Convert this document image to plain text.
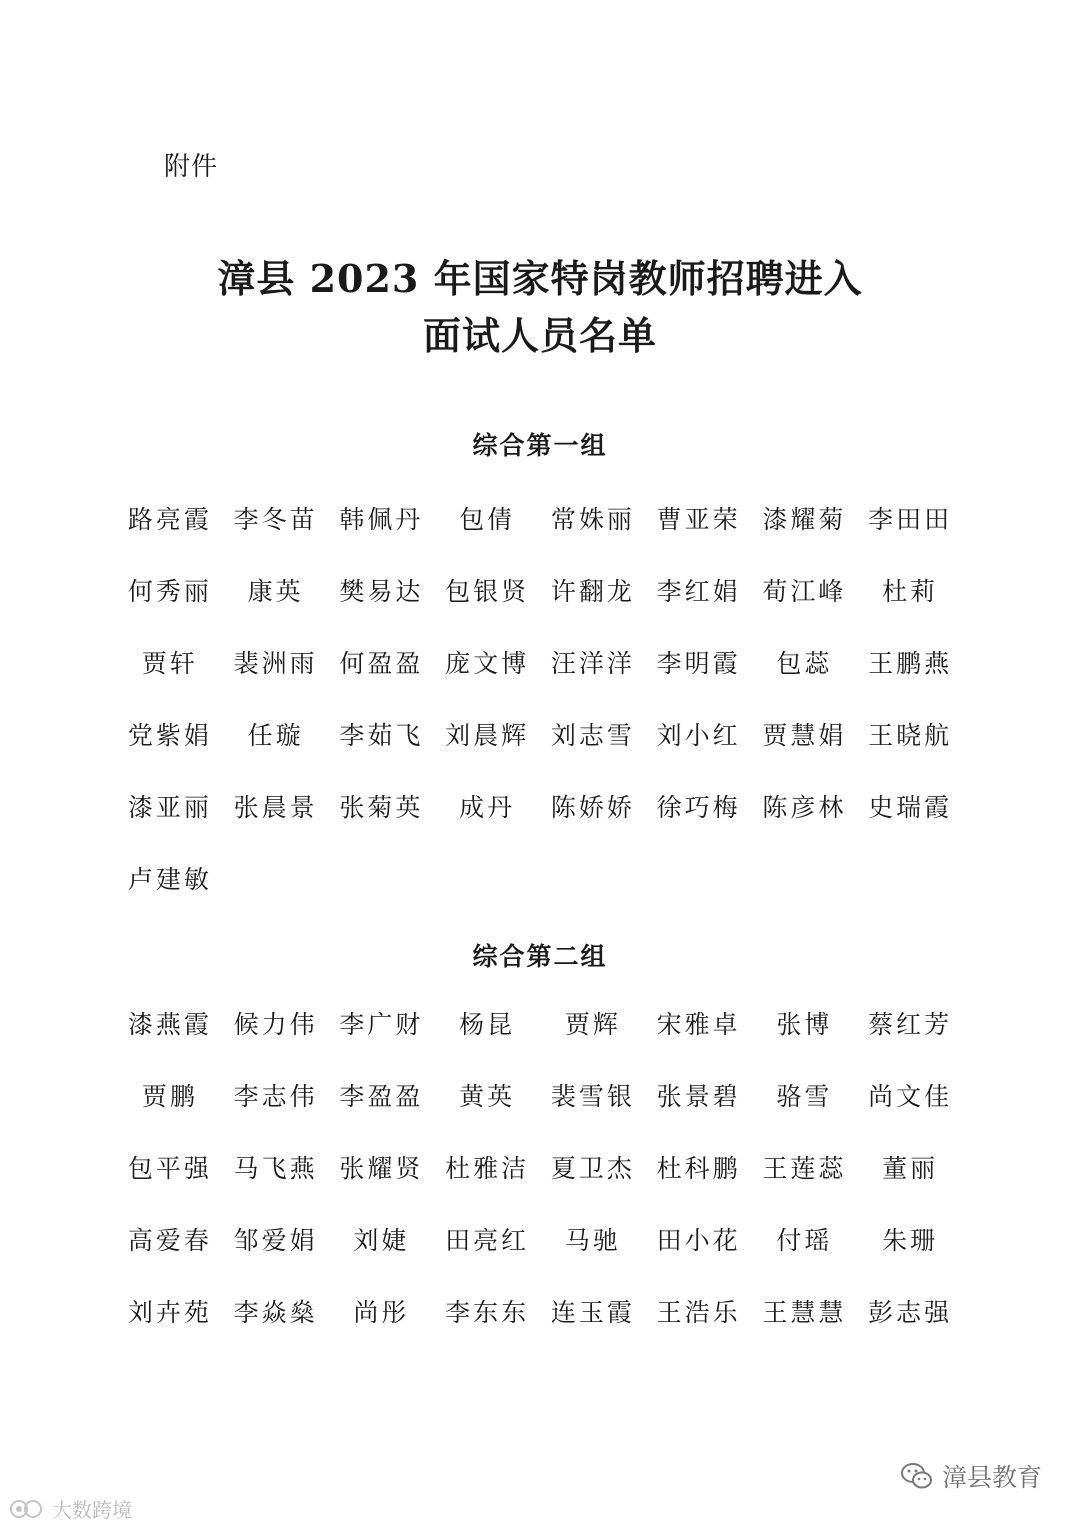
附件
漳县 2023 年国家特岗教师招聘进入
面试人员名单
综合第一组
路亮霞 李冬苗 韩佩丹	包倩	常姝丽 曹亚荣 漆耀菊 李田田
何秀丽	康英	樊易达 包银贤 许翻龙 李红娟 荀江峰	杜莉
贾轩	裴洲雨 何盈盈 庞文博 汪洋洋 李明霞	包蕊	王鹏燕
党紫娟	任璇	李茹飞 刘晨辉 刘志雪 刘小红 贾慧娟 王晓航
漆亚丽 张晨景 张菊英	成丹	陈娇娇 徐巧梅 陈彦林 史瑞霞
卢建敏
综合第二组
漆燕霞 候力伟 李广财	杨昆	贾辉	宋雅卓	张博	蔡红芳
贾鹏	李志伟 李盈盈	黄英	裴雪银 张景碧	骆雪	尚文佳
包平强 马飞燕 张耀贤 杜雅洁 夏卫杰 杜科鹏 王莲蕊	董丽
高爱春 邹爱娟	刘婕	田亮红	马驰	田小花	付瑶	朱珊
刘卉苑 李焱燊	尚彤	李东东 连玉霞 王浩乐 王慧慧 彭志强
大数跨境
漳县教育
